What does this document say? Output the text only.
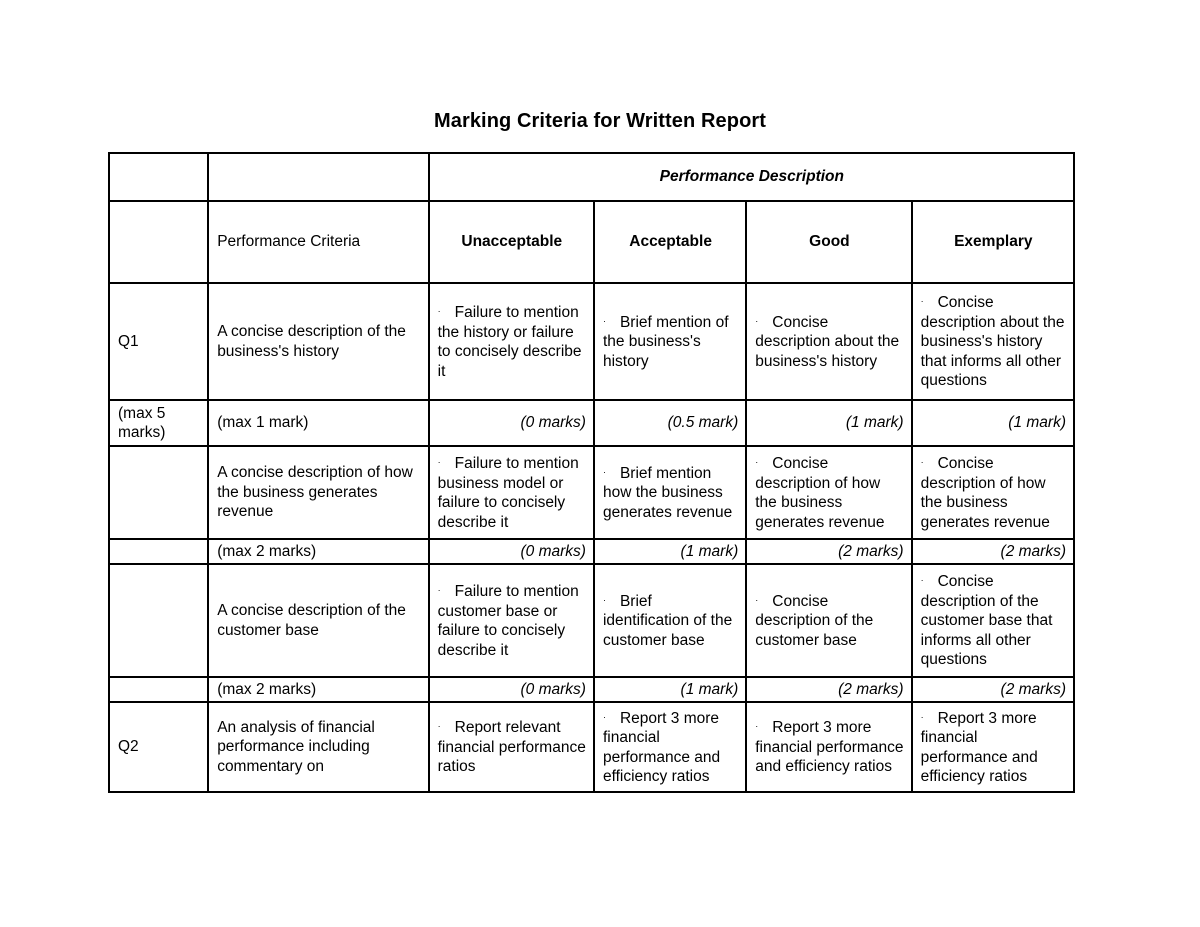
Marking Criteria for Written Report
		Performance Description			
	Performance Criteria	Unacceptable	Acceptable	Good	Exemplary
Q1	A concise description of the business's history	· Failure to mention the history or failure to concisely describe it	· Brief mention of the business's history	· Concise description about the business's history	· Concise description about the business's history that informs all other questions
(max 5 marks)	(max 1 mark)	(0 marks)	(0.5 mark)	(1 mark)	(1 mark)
	A concise description of how the business generates revenue	· Failure to mention business model or failure to concisely describe it	· Brief mention how the business generates revenue	· Concise description of how the business generates revenue	· Concise description of how the business generates revenue
	(max 2 marks)	(0 marks)	(1 mark)	(2 marks)	(2 marks)
	A concise description of the customer base	· Failure to mention customer base or failure to concisely describe it	· Brief identification of the customer base	· Concise description of the customer base	· Concise description of the customer base that informs all other questions
	(max 2 marks)	(0 marks)	(1 mark)	(2 marks)	(2 marks)
Q2	An analysis of financial performance including commentary on	· Report relevant financial performance ratios	· Report 3 more financial performance and efficiency ratios	· Report 3 more financial performance and efficiency ratios	· Report 3 more financial performance and efficiency ratios
